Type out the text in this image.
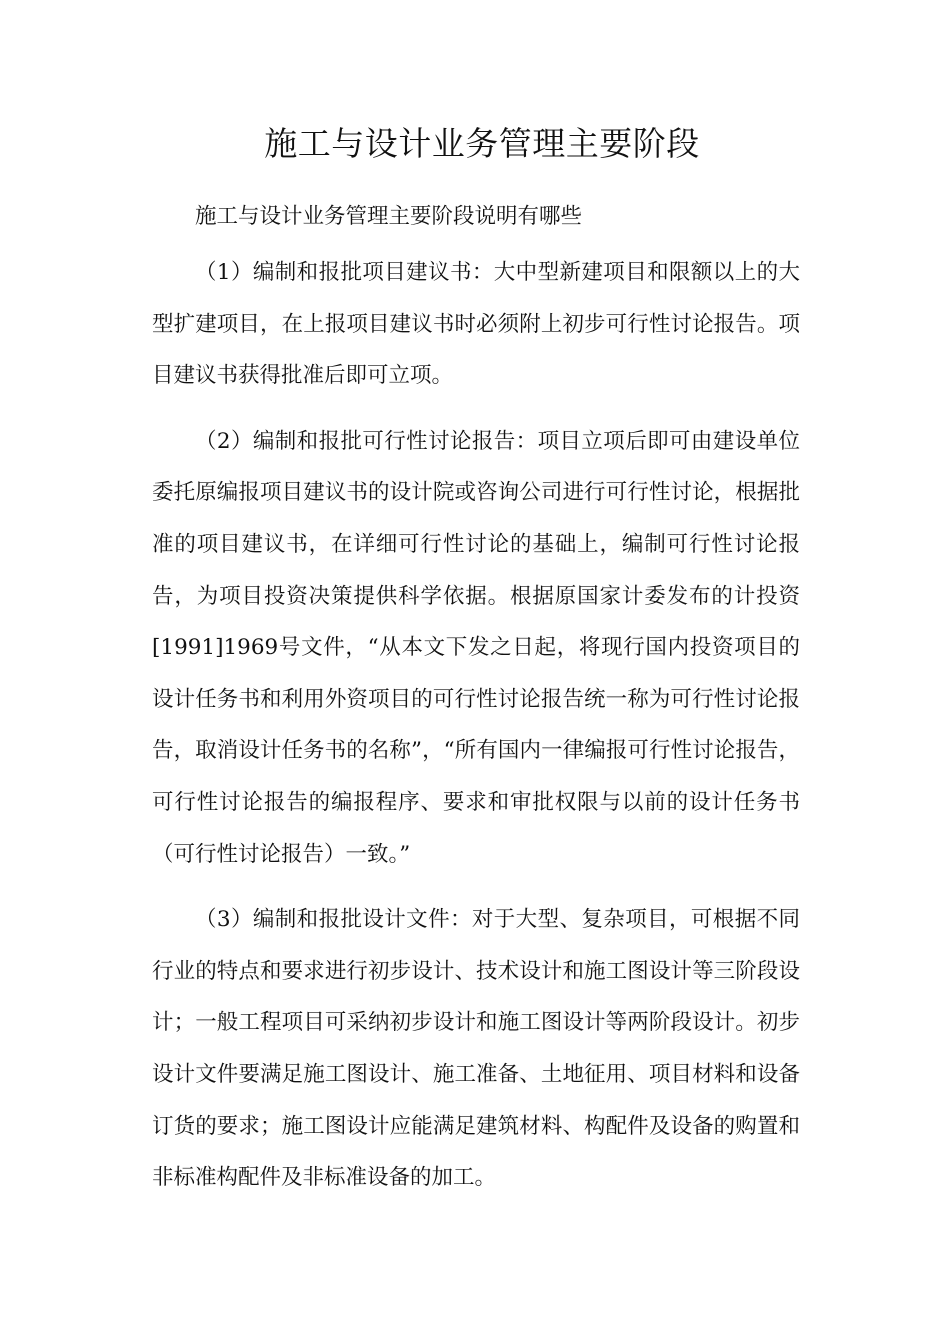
施工与设计业务管理主要阶段

施工与设计业务管理主要阶段说明有哪些

（1）编制和报批项目建议书：大中型新建项目和限额以上的大型扩建项目，在上报项目建议书时必须附上初步可行性讨论报告。项目建议书获得批准后即可立项。

（2）编制和报批可行性讨论报告：项目立项后即可由建设单位委托原编报项目建议书的设计院或咨询公司进行可行性讨论，根据批准的项目建议书，在详细可行性讨论的基础上，编制可行性讨论报告，为项目投资决策提供科学依据。根据原国家计委发布的计投资[1991]1969号文件，“从本文下发之日起，将现行国内投资项目的设计任务书和利用外资项目的可行性讨论报告统一称为可行性讨论报告，取消设计任务书的名称”，“所有国内一律编报可行性讨论报告，可行性讨论报告的编报程序、要求和审批权限与以前的设计任务书（可行性讨论报告）一致。”

（3）编制和报批设计文件：对于大型、复杂项目，可根据不同行业的特点和要求进行初步设计、技术设计和施工图设计等三阶段设计；一般工程项目可采纳初步设计和施工图设计等两阶段设计。初步设计文件要满足施工图设计、施工准备、土地征用、项目材料和设备订货的要求；施工图设计应能满足建筑材料、构配件及设备的购置和非标准构配件及非标准设备的加工。
